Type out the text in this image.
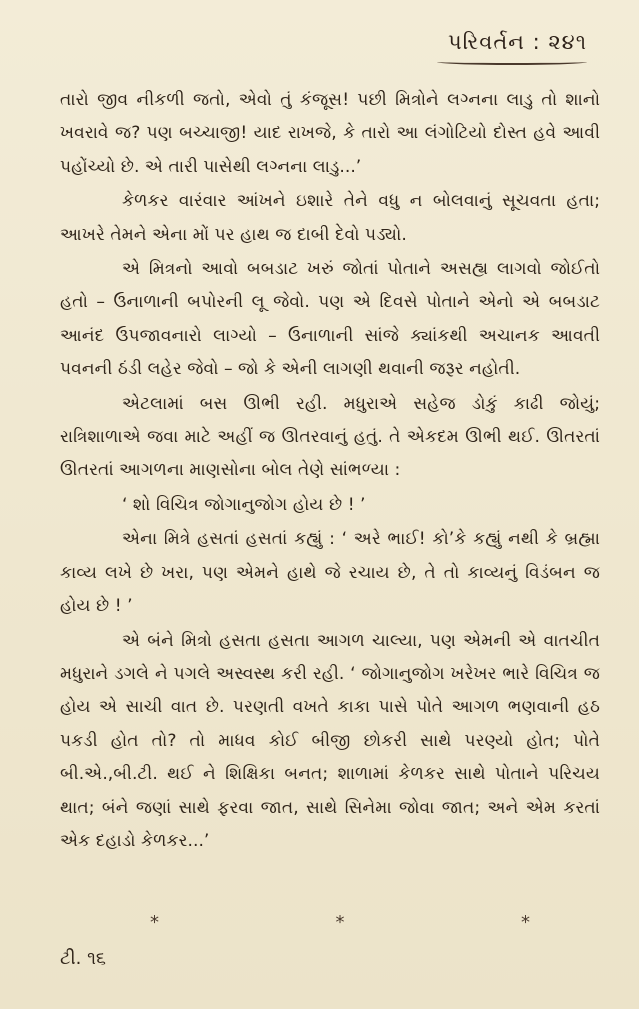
પરિવર્તન : ૨૪૧

તારો જીવ નીકળી જતો, એવો તું કંજૂસ! પછી મિત્રોને લગ્નના લાડુ તો શાનો ખવરાવે જ? પણ બચ્ચાજી! યાદ રાખજે, કે તારો આ લંગોટિયો દોસ્ત હવે આવી પહોંચ્યો છે. એ તારી પાસેથી લગ્નના લાડુ...’

કેળકર વારંવાર આંખને ઇશારે તેને વધુ ન બોલવાનું સૂચવતા હતા; આખરે તેમને એના મોં પર હાથ જ દાબી દેવો પડ્યો.

એ મિત્રનો આવો બબડાટ ખરું જોતાં પોતાને અસહ્ય લાગવો જોઈતો હતો – ઉનાળાની બપોરની લૂ જેવો. પણ એ દિવસે પોતાને એનો એ બબડાટ આનંદ ઉપજાવનારો લાગ્યો – ઉનાળાની સાંજે ક્યાંકથી અચાનક આવતી પવનની ઠંડી લહેર જેવો – જો કે એની લાગણી થવાની જરૂર નહોતી.

એટલામાં બસ ઊભી રહી. મધુરાએ સહેજ ડોકું કાઢી જોયું; રાત્રિશાળાએ જવા માટે અહીં જ ઊતરવાનું હતું. તે એકદમ ઊભી થઈ. ઊતરતાં ઊતરતાં આગળના માણસોના બોલ તેણે સાંભળ્યા :

‘ શો વિચિત્ર જોગાનુજોગ હોય છે ! ’

એના મિત્રે હસતાં હસતાં કહ્યું : ‘ અરે ભાઈ! કો’કે કહ્યું નથી કે બ્રહ્મા કાવ્ય લખે છે ખરા, પણ એમને હાથે જે રચાય છે, તે તો કાવ્યનું વિડંબન જ હોય છે ! ’

એ બંને મિત્રો હસતા હસતા આગળ ચાલ્યા, પણ એમની એ વાતચીત મધુરાને ડગલે ને પગલે અસ્વસ્થ કરી રહી. ‘ જોગાનુજોગ ખરેખર ભારે વિચિત્ર જ હોય એ સાચી વાત છે. પરણતી વખતે કાકા પાસે પોતે આગળ ભણવાની હઠ પકડી હોત તો? તો માધવ કોઈ બીજી છોકરી સાથે પરણ્યો હોત; પોતે બી.એ.,બી.ટી. થઈ ને શિક્ષિકા બનત; શાળામાં કેળકર સાથે પોતાને પરિચય થાત; બંને જણાં સાથે ફરવા જાત, સાથે સિનેમા જોવા જાત; અને એમ કરતાં એક દહાડો કેળકર...’

*	*	*
ટી. ૧૬
